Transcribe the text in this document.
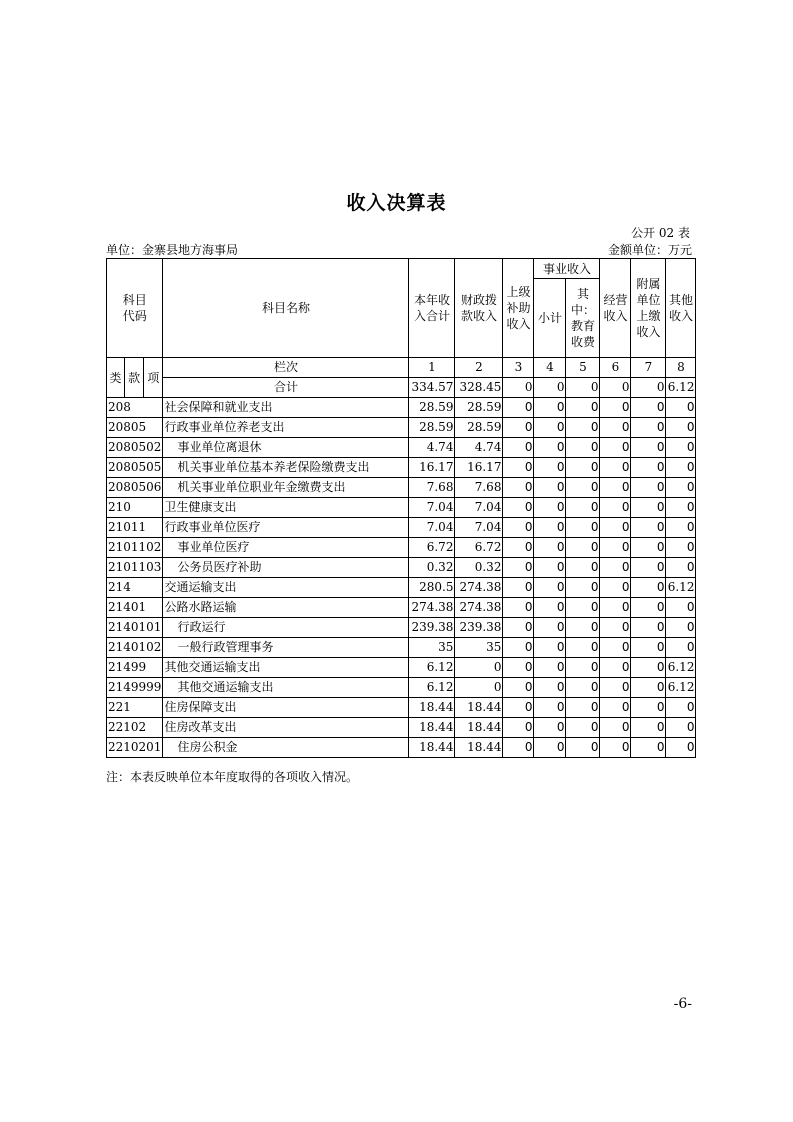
收入决算表
公开 02 表
单位：金寨县地方海事局	金额单位：万元
科目代码			科目名称	本年收入合计	财政拨款收入	上级补助收入	事业收入		经营收入	附属单位上缴收入	其他收入
							小计	其中：教育收费			

类	款	项	栏次	1	2	3	4	5	6	7	8
			合计	334.57	328.45	0	0	0	0	0	6.12
208			社会保障和就业支出	28.59	28.59	0	0	0	0	0	0
20805			行政事业单位养老支出	28.59	28.59	0	0	0	0	0	0
2080502			事业单位离退休	4.74	4.74	0	0	0	0	0	0
2080505			机关事业单位基本养老保险缴费支出	16.17	16.17	0	0	0	0	0	0
2080506			机关事业单位职业年金缴费支出	7.68	7.68	0	0	0	0	0	0
210			卫生健康支出	7.04	7.04	0	0	0	0	0	0
21011			行政事业单位医疗	7.04	7.04	0	0	0	0	0	0
2101102			事业单位医疗	6.72	6.72	0	0	0	0	0	0
2101103			公务员医疗补助	0.32	0.32	0	0	0	0	0	0
214			交通运输支出	280.5	274.38	0	0	0	0	0	6.12
21401			公路水路运输	274.38	274.38	0	0	0	0	0	0
2140101			行政运行	239.38	239.38	0	0	0	0	0	0
2140102			一般行政管理事务	35	35	0	0	0	0	0	0
21499			其他交通运输支出	6.12	0	0	0	0	0	0	6.12
2149999			其他交通运输支出	6.12	0	0	0	0	0	0	6.12
221			住房保障支出	18.44	18.44	0	0	0	0	0	0
22102			住房改革支出	18.44	18.44	0	0	0	0	0	0
2210201			住房公积金	18.44	18.44	0	0	0	0	0	0
注：本表反映单位本年度取得的各项收入情况。
-6-
